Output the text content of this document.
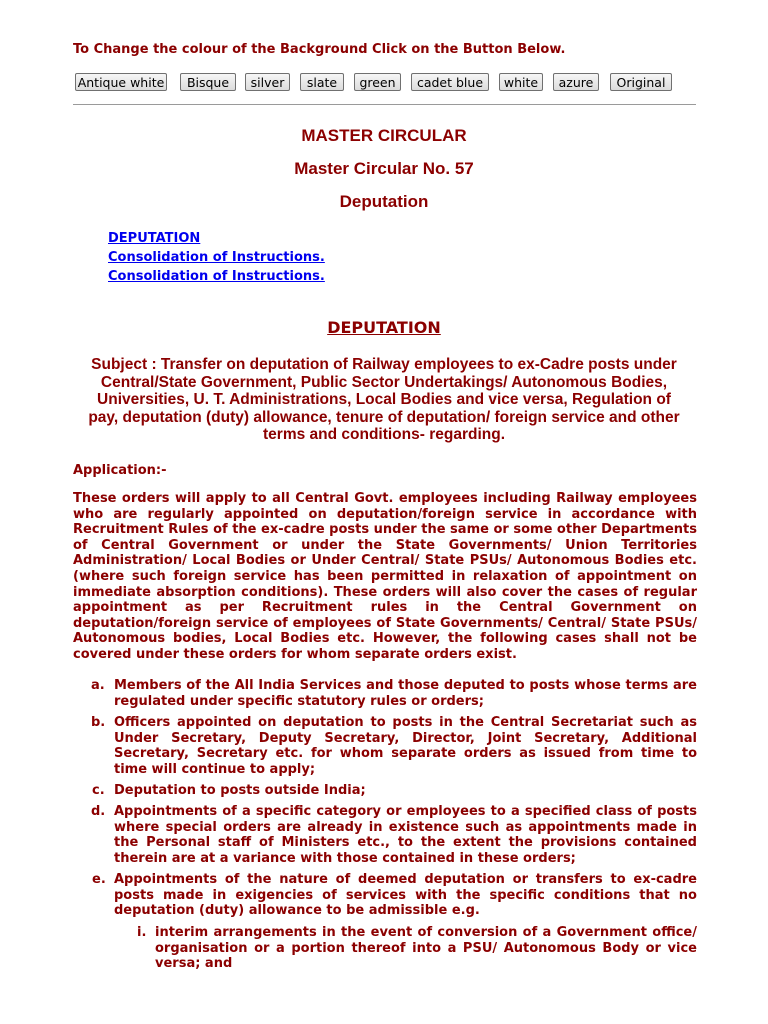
To Change the colour of the Background Click on the Button Below.
Antique white	Bisque	silver	slate	green	cadet blue	white	azure	Original
MASTER CIRCULAR
Master Circular No. 57
Deputation
DEPUTATION
Consolidation of Instructions.
Consolidation of Instructions.
DEPUTATION
Subject : Transfer on deputation of Railway employees to ex-Cadre posts under Central/State Government, Public Sector Undertakings/ Autonomous Bodies, Universities, U. T. Administrations, Local Bodies and vice versa, Regulation of pay, deputation (duty) allowance, tenure of deputation/ foreign service and other terms and conditions- regarding.
Application:-
These orders will apply to all Central Govt. employees including Railway employees who are regularly appointed on deputation/foreign service in accordance with Recruitment Rules of the ex-cadre posts under the same or some other Departments of Central Government or under the State Governments/ Union Territories Administration/ Local Bodies or Under Central/ State PSUs/ Autonomous Bodies etc. (where such foreign service has been permitted in relaxation of appointment on immediate absorption conditions). These orders will also cover the cases of regular appointment as per Recruitment rules in the Central Government on deputation/foreign service of employees of State Governments/ Central/ State PSUs/ Autonomous bodies, Local Bodies etc. However, the following cases shall not be covered under these orders for whom separate orders exist.
a. Members of the All India Services and those deputed to posts whose terms are regulated under specific statutory rules or orders;
b. Officers appointed on deputation to posts in the Central Secretariat such as Under Secretary, Deputy Secretary, Director, Joint Secretary, Additional Secretary, Secretary etc. for whom separate orders as issued from time to time will continue to apply;
c. Deputation to posts outside India;
d. Appointments of a specific category or employees to a specified class of posts where special orders are already in existence such as appointments made in the Personal staff of Ministers etc., to the extent the provisions contained therein are at a variance with those contained in these orders;
e. Appointments of the nature of deemed deputation or transfers to ex-cadre posts made in exigencies of services with the specific conditions that no deputation (duty) allowance to be admissible e.g.
i. interim arrangements in the event of conversion of a Government office/ organisation or a portion thereof into a PSU/ Autonomous Body or vice versa; and
